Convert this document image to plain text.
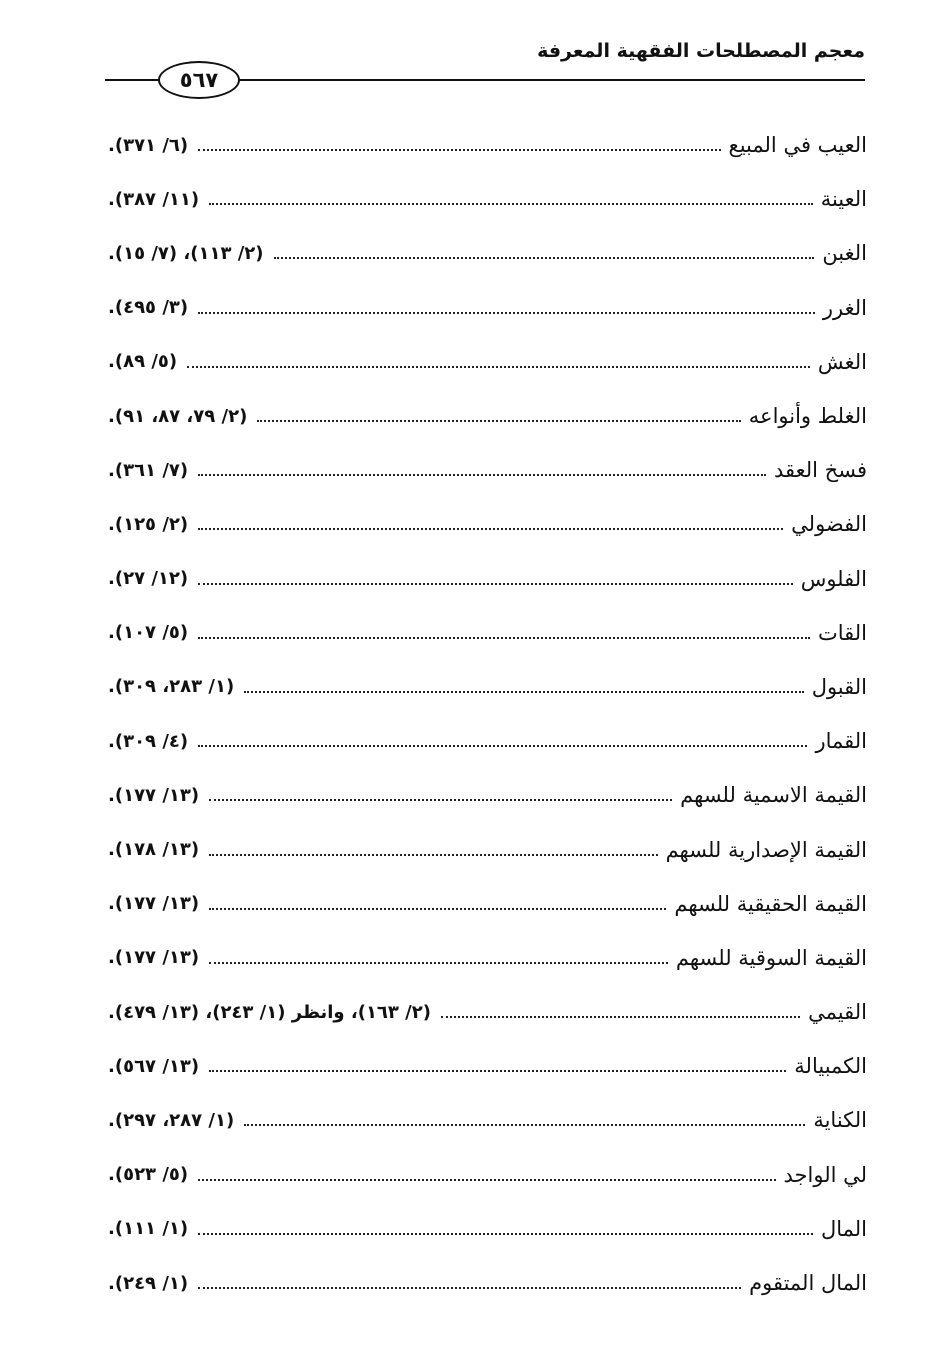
معجم المصطلحات الفقهية المعرفة
٥٦٧
العيب في المبيع
(٦/ ٣٧١).
العينة
(١١/ ٣٨٧).
الغبن
(٢/ ١١٣)، (٧/ ١٥).
الغرر
(٣/ ٤٩٥).
الغش
(٥/ ٨٩).
الغلط وأنواعه
(٢/ ٧٩، ٨٧، ٩١).
فسخ العقد
(٧/ ٣٦١).
الفضولي
(٢/ ١٢٥).
الفلوس
(١٢/ ٢٧).
القات
(٥/ ١٠٧).
القبول
(١/ ٢٨٣، ٣٠٩).
القمار
(٤/ ٣٠٩).
القيمة الاسمية للسهم
(١٣/ ١٧٧).
القيمة الإصدارية للسهم
(١٣/ ١٧٨).
القيمة الحقيقية للسهم
(١٣/ ١٧٧).
القيمة السوقية للسهم
(١٣/ ١٧٧).
القيمي
(٢/ ١٦٣)، وانظر (١/ ٢٤٣)، (١٣/ ٤٧٩).
الكمبيالة
(١٣/ ٥٦٧).
الكناية
(١/ ٢٨٧، ٢٩٧).
لي الواجد
(٥/ ٥٢٣).
المال
(١/ ١١١).
المال المتقوم
(١/ ٢٤٩).
